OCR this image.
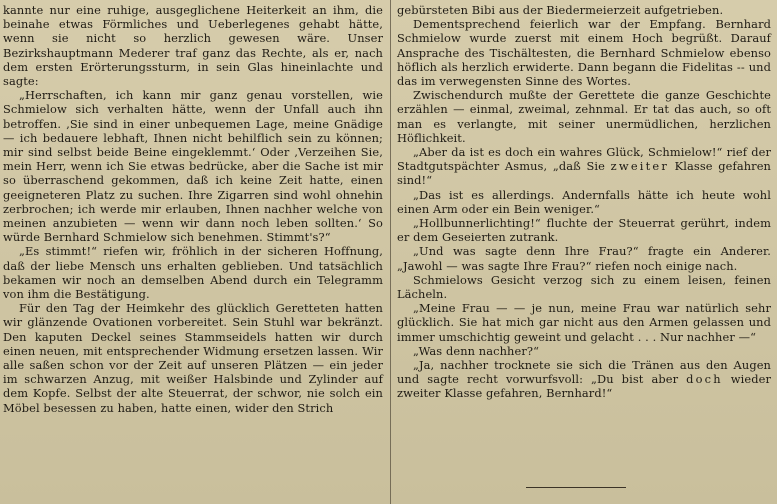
kannte nur eine ruhige, ausgeglichene Heiterkeit an ihm, die beinahe etwas Förmliches und Ueberlegenes gehabt hätte, wenn sie nicht so herzlich gewesen wäre. Unser Bezirkshauptmann Mederer traf ganz das Rechte, als er, nach dem ersten Erörterungssturm, in sein Glas hineinlachte und sagte:

„Herrschaften, ich kann mir ganz genau vorstellen, wie Schmielow sich verhalten hätte, wenn der Unfall auch ihn betroffen. ‚Sie sind in einer unbequemen Lage, meine Gnädige — ich bedauere lebhaft, Ihnen nicht behilflich sein zu können; mir sind selbst beide Beine eingeklemmt.‘ Oder ‚Verzeihen Sie, mein Herr, wenn ich Sie etwas bedrücke, aber die Sache ist mir so überraschend gekommen, daß ich keine Zeit hatte, einen geeigneteren Platz zu suchen. Ihre Zigarren sind wohl ohnehin zerbrochen; ich werde mir erlauben, Ihnen nachher welche von meinen anzubieten — wenn wir dann noch leben sollten.‘ So würde Bernhard Schmielow sich benehmen. Stimmt's?“

„Es stimmt!“ riefen wir, fröhlich in der sicheren Hoffnung, daß der liebe Mensch uns erhalten geblieben. Und tatsächlich bekamen wir noch an demselben Abend durch ein Telegramm von ihm die Bestätigung.

Für den Tag der Heimkehr des glücklich Geretteten hatten wir glänzende Ovationen vorbereitet. Sein Stuhl war bekränzt. Den kaputen Deckel seines Stammseidels hatten wir durch einen neuen, mit entsprechender Widmung ersetzen lassen. Wir alle saßen schon vor der Zeit auf unseren Plätzen — ein jeder im schwarzen Anzug, mit weißer Halsbinde und Zylinder auf dem Kopfe. Selbst der alte Steuerrat, der schwor, nie solch ein Möbel besessen zu haben, hatte einen, wider den Strich

gebürsteten Bibi aus der Biedermeierzeit aufgetrieben.

Dementsprechend feierlich war der Empfang. Bernhard Schmielow wurde zuerst mit einem Hoch begrüßt. Darauf Ansprache des Tischältesten, die Bernhard Schmielow ebenso höflich als herzlich erwiderte. Dann begann die Fidelitas -- und das im verwegensten Sinne des Wortes.

Zwischendurch mußte der Gerettete die ganze Geschichte erzählen — einmal, zweimal, zehnmal. Er tat das auch, so oft man es verlangte, mit seiner unermüdlichen, herzlichen Höflichkeit.

„Aber da ist es doch ein wahres Glück, Schmielow!“ rief der Stadtgutspächter Asmus, „daß Sie zweiter Klasse gefahren sind!“

„Das ist es allerdings. Andernfalls hätte ich heute wohl einen Arm oder ein Bein weniger.“

„Hollbunnerlichting!“ fluchte der Steuerrat gerührt, indem er dem Geseierten zutrank.

„Und was sagte denn Ihre Frau?“ fragte ein Anderer. „Jawohl — was sagte Ihre Frau?“ riefen noch einige nach.

Schmielows Gesicht verzog sich zu einem leisen, feinen Lächeln.

„Meine Frau — — je nun, meine Frau war natürlich sehr glücklich. Sie hat mich gar nicht aus den Armen gelassen und immer umschichtig geweint und gelacht . . . Nur nachher —“

„Was denn nachher?“

„Ja, nachher trocknete sie sich die Tränen aus den Augen und sagte recht vorwurfsvoll: „Du bist aber doch wieder zweiter Klasse gefahren, Bernhard!“
